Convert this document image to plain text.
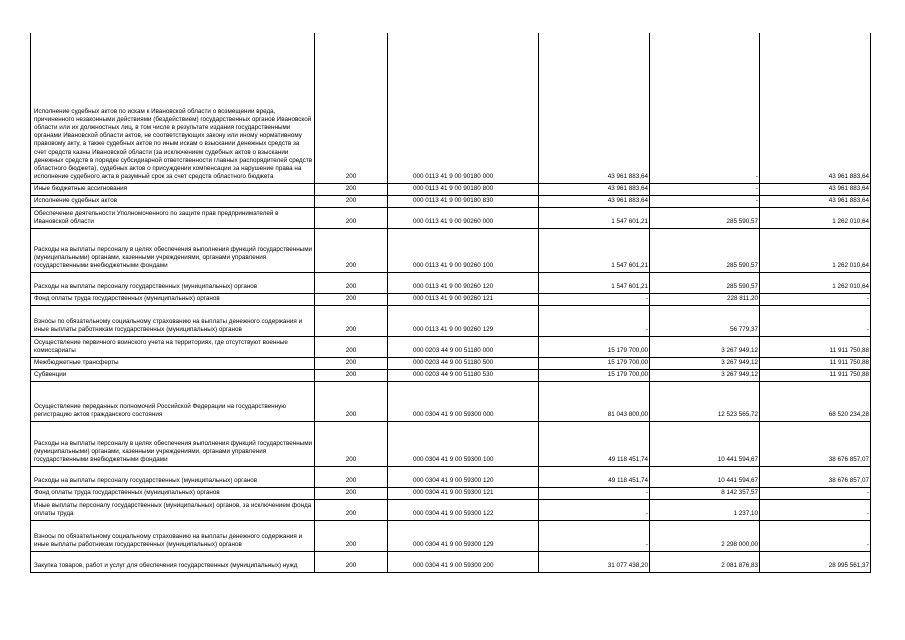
Исполнение судебных актов по искам к Ивановской области о возмещении вреда, причиненного незаконными действиями (бездействием) государственных органов Ивановской области или их должностных лиц, в том числе в результате издания государственными органами Ивановской области актов, не соответствующих закону или иному нормативному правовому акту, а также судебных актов по иным искам о взыскании денежных средств за счет средств казны Ивановской области (за исключением судебных актов о взыскании денежных средств в порядке субсидиарной ответственности главных распорядителей средств областного бюджета), судебных актов о присуждении компенсации за нарушение права на исполнение судебного акта в разумный срок за счет средств областного бюджета	200	000 0113 41 9 00 90180 000	43 961 883,64	-	43 961 883,64
Иные бюджетные ассигнования	200	000 0113 41 9 00 90180 800	43 961 883,64	-	43 961 883,64
Исполнение судебных актов	200	000 0113 41 9 00 90180 830	43 961 883,64	-	43 961 883,64
Обеспечение деятельности Уполномоченного по защите прав предпринимателей в Ивановской области	200	000 0113 41 9 00 90260 000	1 547 601,21	285 590,57	1 262 010,64
Расходы на выплаты персоналу в целях обеспечения выполнения функций государственными (муниципальными) органами, казенными учреждениями, органами управления государственными внебюджетными фондами	200	000 0113 41 9 00 90260 100	1 547 601,21	285 590,57	1 262 010,64
Расходы на выплаты персоналу государственных (муниципальных) органов	200	000 0113 41 9 00 90260 120	1 547 601,21	285 590,57	1 262 010,64
Фонд оплаты труда государственных (муниципальных) органов	200	000 0113 41 9 00 90260 121	-	228 811,20	-
Взносы по обязательному социальному страхованию на выплаты денежного содержания и иные выплаты работникам государственных (муниципальных) органов	200	000 0113 41 9 00 90260 129	-	56 779,37	-
Осуществление первичного воинского учета на территориях, где отсутствуют военные комиссариаты	200	000 0203 44 9 00 51180 000	15 179 700,00	3 267 949,12	11 911 750,88
Межбюджетные трансферты	200	000 0203 44 9 00 51180 500	15 179 700,00	3 267 949,12	11 911 750,88
Субвенции	200	000 0203 44 9 00 51180 530	15 179 700,00	3 267 949,12	11 911 750,88
Осуществление переданных полномочий Российской Федерации на государственную регистрацию актов гражданского состояния	200	000 0304 41 9 00 59300 000	81 043 800,00	12 523 565,72	68 520 234,28
Расходы на выплаты персоналу в целях обеспечения выполнения функций государственными (муниципальными) органами, казенными учреждениями, органами управления государственными внебюджетными фондами	200	000 0304 41 9 00 59300 100	49 118 451,74	10 441 594,67	38 676 857,07
Расходы на выплаты персоналу государственных (муниципальных) органов	200	000 0304 41 9 00 59300 120	49 118 451,74	10 441 594,67	38 676 857,07
Фонд оплаты труда государственных (муниципальных) органов	200	000 0304 41 9 00 59300 121	-	8 142 357,57	-
Иные выплаты персоналу государственных (муниципальных) органов, за исключением фонда оплаты труда	200	000 0304 41 9 00 59300 122	-	1 237,10	-
Взносы по обязательному социальному страхованию на выплаты денежного содержания и иные выплаты работникам государственных (муниципальных) органов	200	000 0304 41 9 00 59300 129	-	2 298 000,00	-
Закупка товаров, работ и услуг для обеспечения государственных (муниципальных) нужд	200	000 0304 41 9 00 59300 200	31 077 438,20	2 081 876,83	28 995 561,37
